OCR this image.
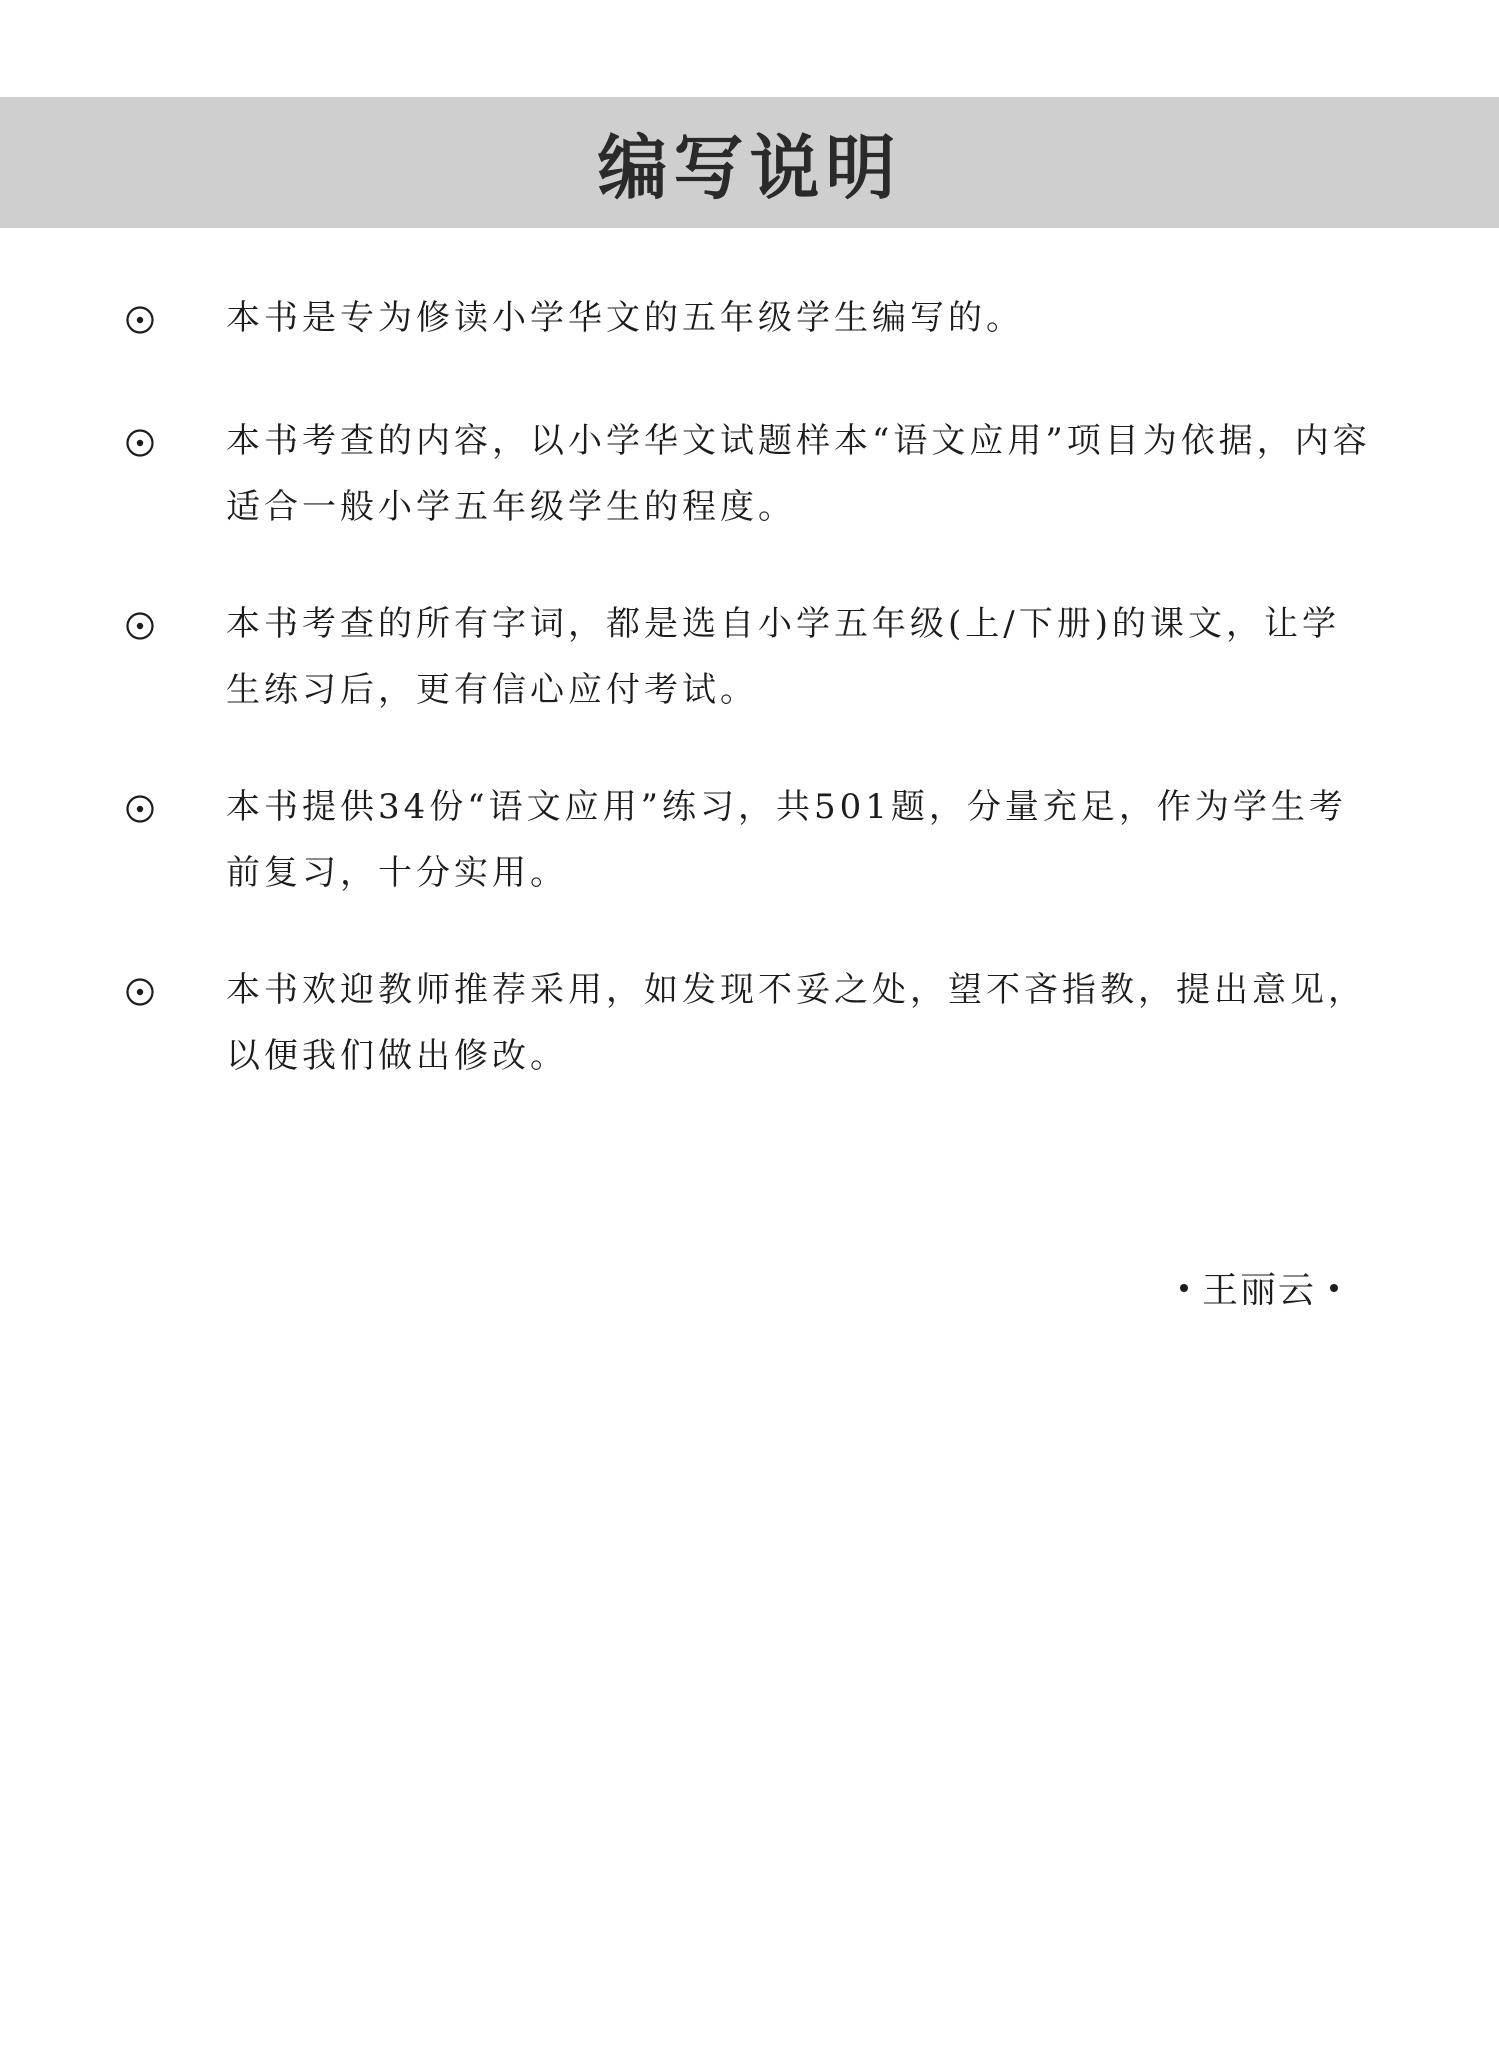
编写说明

本书是专为修读小学华文的五年级学生编写的。

本书考查的内容，以小学华文试题样本“语文应用”项目为依据，内容适合一般小学五年级学生的程度。

本书考查的所有字词，都是选自小学五年级(上/下册)的课文，让学生练习后，更有信心应付考试。

本书提供34份“语文应用”练习，共501题，分量充足，作为学生考前复习，十分实用。

本书欢迎教师推荐采用，如发现不妥之处，望不吝指教，提出意见，以便我们做出修改。

王丽云
